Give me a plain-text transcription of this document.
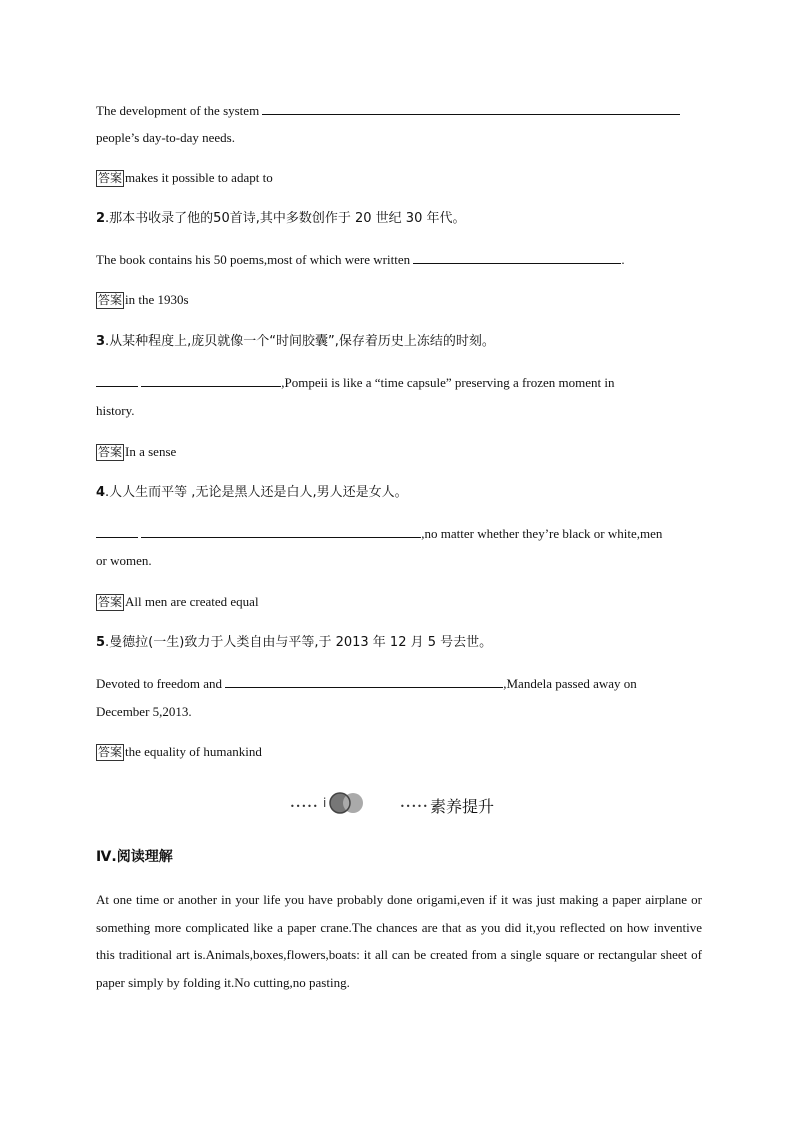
The development of the system
people’s day-to-day needs.
答案 makes it possible to adapt to
2.那本书收录了他的50首诗,其中多数创作于 20 世纪 30 年代。
The book contains his 50 poems,most of which were written	.
答案 in the 1930s
3.从某种程度上,庞贝就像一个“时间胶囊”,保存着历史上冻结的时刻。
,Pompeii is like a “time capsule” preserving a frozen moment in
history.
答案 In a sense
4.人人生而平等 ,无论是黑人还是白人,男人还是女人。
,no matter whether they’re black or white,men
or women.
答案 All men are created equal
5.曼德拉(一生)致力于人类自由与平等,于 2013 年 12 月 5 号去世。
Devoted to freedom and	,Mandela passed away on
December 5,2013.
答案 the equality of humankind
••••• i	••••• 素养提升
Ⅳ.阅读理解
At one time or another in your life you have probably done origami,even if it was just making a paper airplane or something more complicated like a paper crane.The chances are that as you did it,you reflected on how inventive this traditional art is.Animals,boxes,flowers,boats: it all can be created from a single square or rectangular sheet of paper simply by folding it.No cutting,no pasting.
